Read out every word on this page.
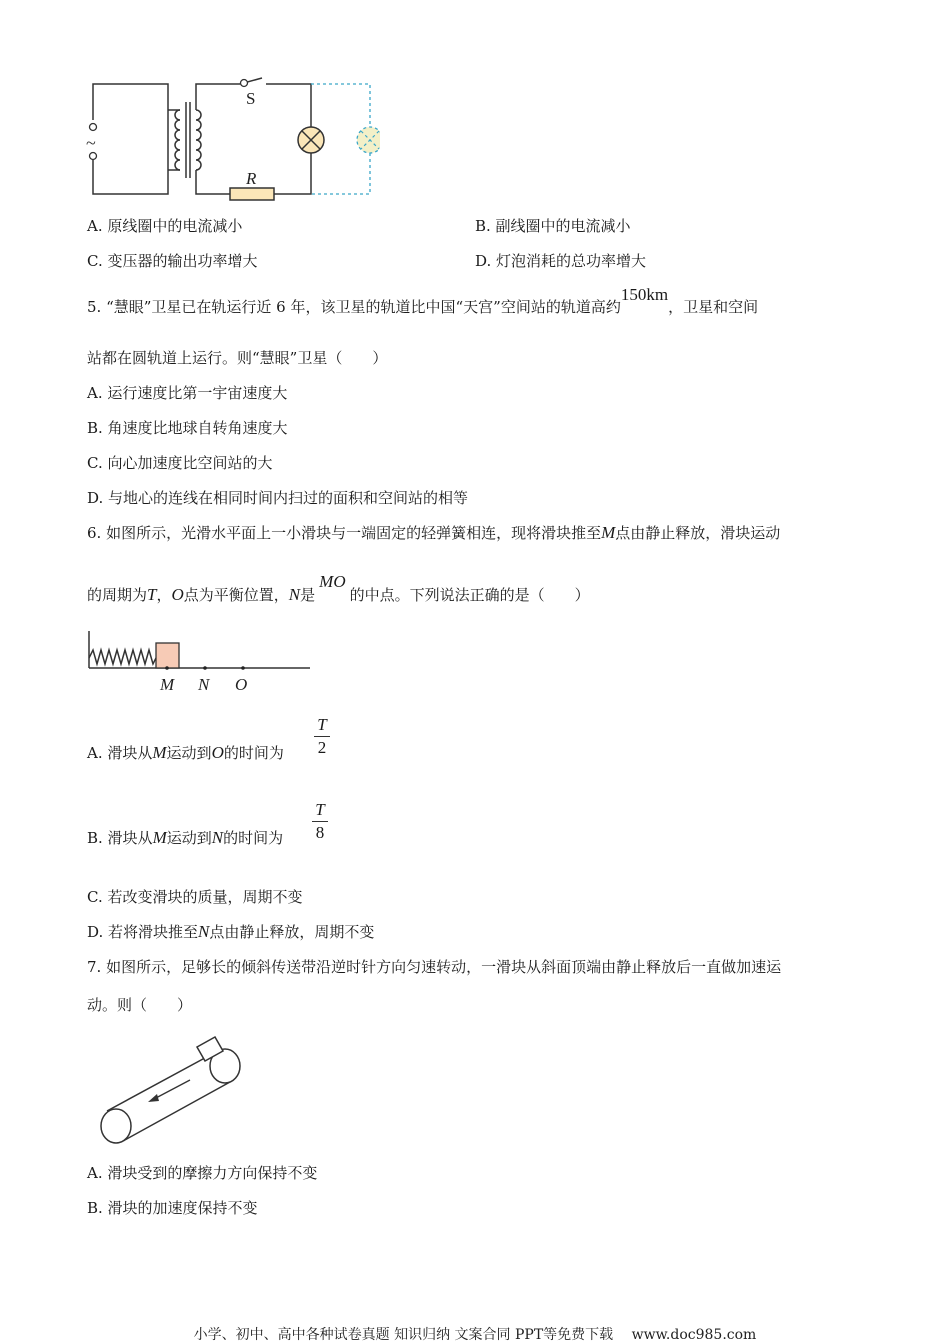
~
S
R
A. 原线圈中的电流减小	B. 副线圈中的电流减小
C. 变压器的输出功率增大	D. 灯泡消耗的总功率增大
5. “慧眼”卫星已在轨运行近 6 年，该卫星的轨道比中国“天宫”空间站的轨道高约150km，卫星和空间
站都在圆轨道上运行。则“慧眼”卫星（　　）
A. 运行速度比第一宇宙速度大
B. 角速度比地球自转角速度大
C. 向心加速度比空间站的大
D. 与地心的连线在相同时间内扫过的面积和空间站的相等
6. 如图所示，光滑水平面上一小滑块与一端固定的轻弹簧相连，现将滑块推至M点由静止释放，滑块运动
的周期为T，O点为平衡位置，N是MO的中点。下列说法正确的是（　　）
M N O
A. 滑块从M运动到O的时间为
T
2
B. 滑块从M运动到N的时间为
T
8
C. 若改变滑块的质量，周期不变
D. 若将滑块推至N点由静止释放，周期不变
7. 如图所示，足够长的倾斜传送带沿逆时针方向匀速转动，一滑块从斜面顶端由静止释放后一直做加速运
动。则（　　）
A. 滑块受到的摩擦力方向保持不变
B. 滑块的加速度保持不变
小学、初中、高中各种试卷真题 知识归纳 文案合同 PPT等免费下载　 www.doc985.com
